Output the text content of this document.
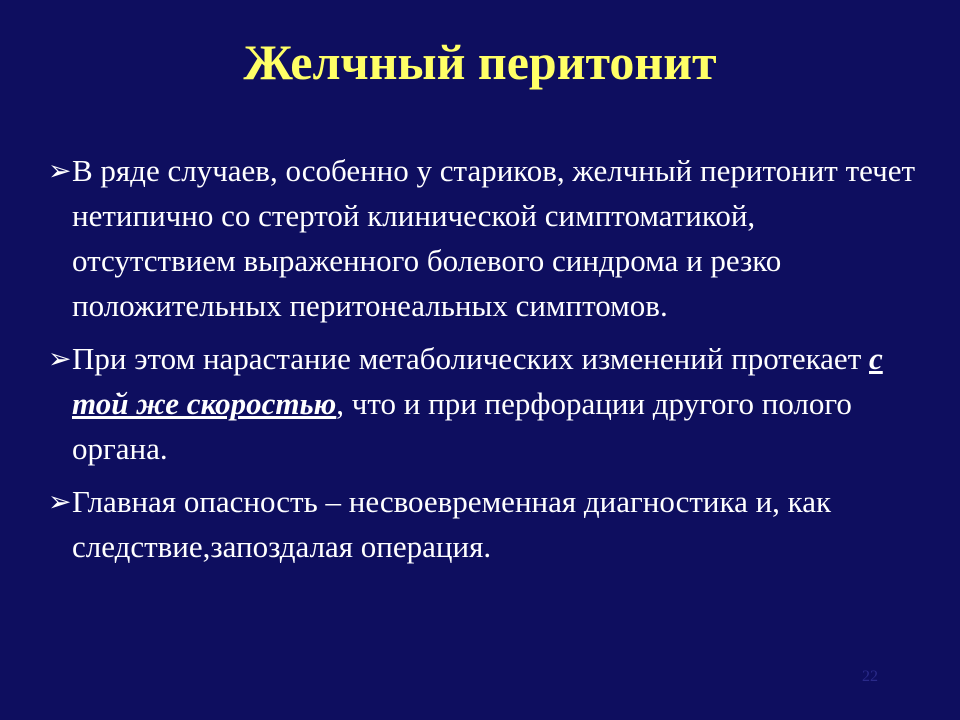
Желчный перитонит
➢ В ряде случаев, особенно у стариков, желчный перитонит течет нетипично со стертой клинической симптоматикой, отсутствием выраженного болевого синдрома и резко положительных перитонеальных симптомов.
➢ При этом нарастание метаболических изменений протекает с той же скоростью, что и при перфорации другого полого органа.
➢ Главная опасность – несвоевременная диагностика и, как следствие,запоздалая операция.
22
